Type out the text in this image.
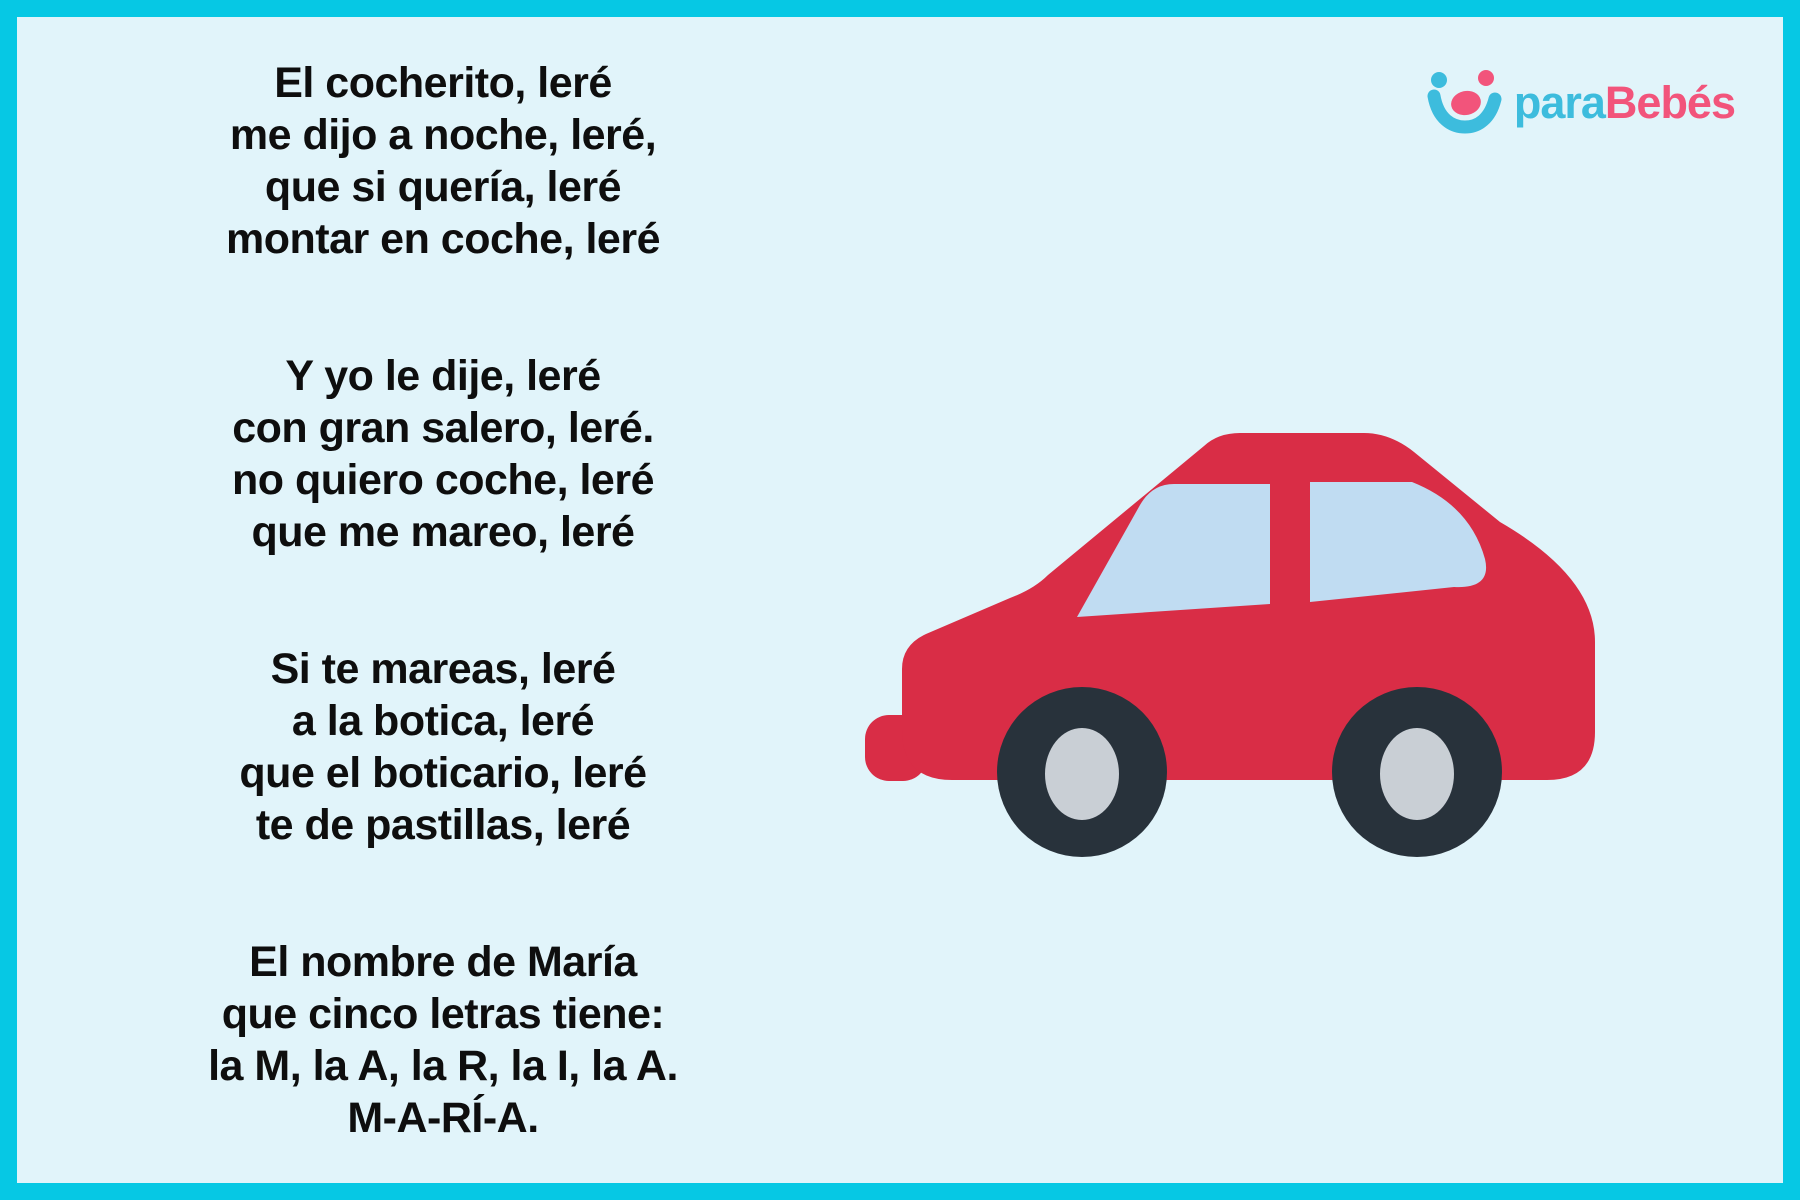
El cocherito, leré
me dijo a noche, leré,
que si quería, leré
montar en coche, leré
Y yo le dije, leré
con gran salero, leré.
no quiero coche, leré
que me mareo, leré
Si te mareas, leré
a la botica, leré
que el boticario, leré
te de pastillas, leré
El nombre de María
que cinco letras tiene:
la M, la A, la R, la I, la A.
M-A-RÍ-A.
paraBebés
